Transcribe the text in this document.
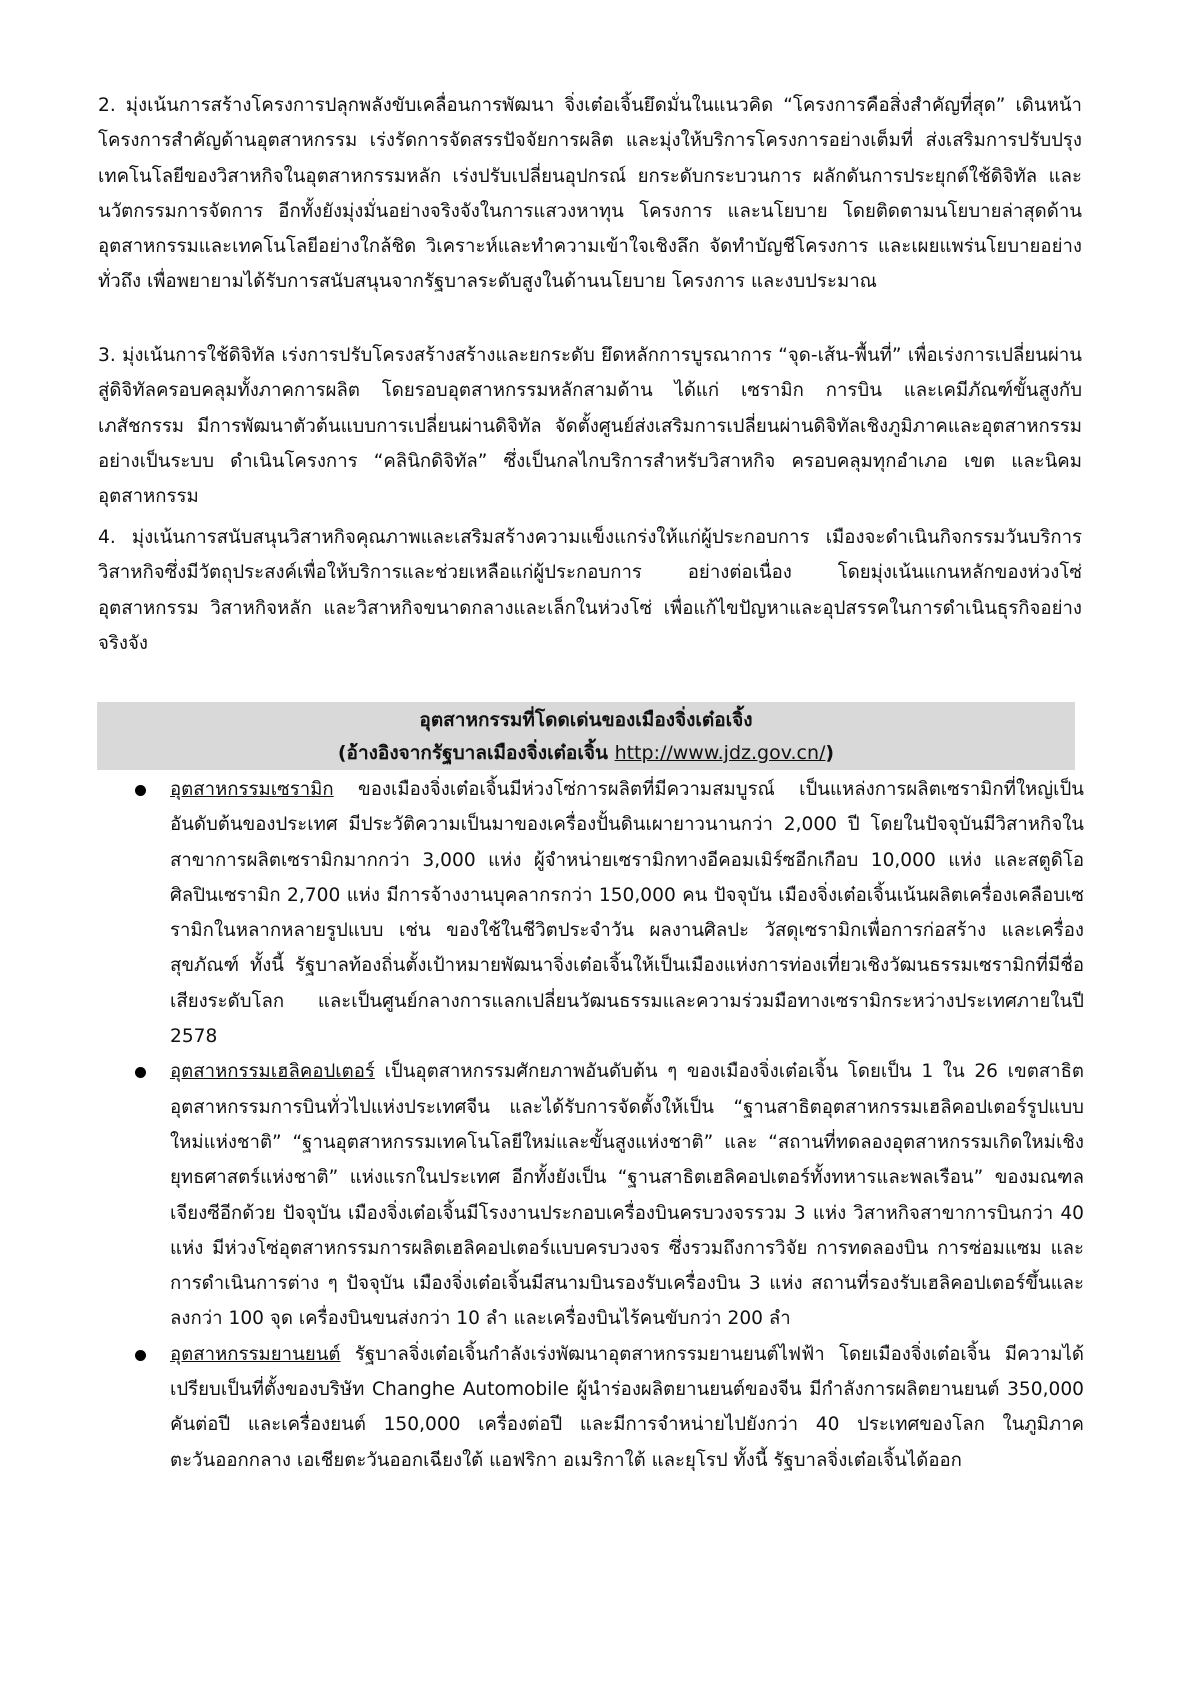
2. มุ่งเน้นการสร้างโครงการปลุกพลังขับเคลื่อนการพัฒนา จิ่งเต๋อเจิ้นยึดมั่นในแนวคิด “โครงการคือสิ่งสำคัญที่สุด” เดินหน้าโครงการสำคัญด้านอุตสาหกรรม เร่งรัดการจัดสรรปัจจัยการผลิต และมุ่งให้บริการโครงการอย่างเต็มที่ ส่งเสริมการปรับปรุงเทคโนโลยีของวิสาหกิจในอุตสาหกรรมหลัก เร่งปรับเปลี่ยนอุปกรณ์ ยกระดับกระบวนการ ผลักดันการประยุกต์ใช้ดิจิทัล และนวัตกรรมการจัดการ อีกทั้งยังมุ่งมั่นอย่างจริงจังในการแสวงหาทุน โครงการ และนโยบาย โดยติดตามนโยบายล่าสุดด้านอุตสาหกรรมและเทคโนโลยีอย่างใกล้ชิด วิเคราะห์และทำความเข้าใจเชิงลึก จัดทำบัญชีโครงการ และเผยแพร่นโยบายอย่างทั่วถึง เพื่อพยายามได้รับการสนับสนุนจากรัฐบาลระดับสูงในด้านนโยบาย โครงการ และงบประมาณ

3. มุ่งเน้นการใช้ดิจิทัล เร่งการปรับโครงสร้างสร้างและยกระดับ ยึดหลักการบูรณาการ “จุด-เส้น-พื้นที่” เพื่อเร่งการเปลี่ยนผ่านสู่ดิจิทัลครอบคลุมทั้งภาคการผลิต โดยรอบอุตสาหกรรมหลักสามด้าน ได้แก่ เซรามิก การบิน และเคมีภัณฑ์ขั้นสูงกับเภสัชกรรม มีการพัฒนาตัวต้นแบบการเปลี่ยนผ่านดิจิทัล จัดตั้งศูนย์ส่งเสริมการเปลี่ยนผ่านดิจิทัลเชิงภูมิภาคและอุตสาหกรรมอย่างเป็นระบบ ดำเนินโครงการ “คลินิกดิจิทัล” ซึ่งเป็นกลไกบริการสำหรับวิสาหกิจ ครอบคลุมทุกอำเภอ เขต และนิคมอุตสาหกรรม

4. มุ่งเน้นการสนับสนุนวิสาหกิจคุณภาพและเสริมสร้างความแข็งแกร่งให้แก่ผู้ประกอบการ เมืองจะดำเนินกิจกรรมวันบริการวิสาหกิจซึ่งมีวัตถุประสงค์เพื่อให้บริการและช่วยเหลือแก่ผู้ประกอบการ อย่างต่อเนื่อง โดยมุ่งเน้นแกนหลักของห่วงโซ่อุตสาหกรรม วิสาหกิจหลัก และวิสาหกิจขนาดกลางและเล็กในห่วงโซ่ เพื่อแก้ไขปัญหาและอุปสรรคในการดำเนินธุรกิจอย่างจริงจัง

อุตสาหกรรมที่โดดเด่นของเมืองจิ่งเต๋อเจิ้ง
(อ้างอิงจากรัฐบาลเมืองจิ่งเต๋อเจิ้น http://www.jdz.gov.cn/)
อุตสาหกรรมเซรามิก ของเมืองจิ่งเต๋อเจิ้นมีห่วงโซ่การผลิตที่มีความสมบูรณ์ เป็นแหล่งการผลิตเซรามิกที่ใหญ่เป็นอันดับต้นของประเทศ มีประวัติความเป็นมาของเครื่องปั้นดินเผายาวนานกว่า 2,000 ปี โดยในปัจจุบันมีวิสาหกิจในสาขาการผลิตเซรามิกมากกว่า 3,000 แห่ง ผู้จำหน่ายเซรามิกทางอีคอมเมิร์ซอีกเกือบ 10,000 แห่ง และสตูดิโอศิลปินเซรามิก 2,700 แห่ง มีการจ้างงานบุคลากรกว่า 150,000 คน ปัจจุบัน เมืองจิ่งเต๋อเจิ้นเน้นผลิตเครื่องเคลือบเซรามิกในหลากหลายรูปแบบ เช่น ของใช้ในชีวิตประจำวัน ผลงานศิลปะ วัสดุเซรามิกเพื่อการก่อสร้าง และเครื่องสุขภัณฑ์ ทั้งนี้ รัฐบาลท้องถิ่นตั้งเป้าหมายพัฒนาจิ่งเต๋อเจิ้นให้เป็นเมืองแห่งการท่องเที่ยวเชิงวัฒนธรรมเซรามิกที่มีชื่อเสียงระดับโลก และเป็นศูนย์กลางการแลกเปลี่ยนวัฒนธรรมและความร่วมมือทางเซรามิกระหว่างประเทศภายในปี 2578
อุตสาหกรรมเฮลิคอปเตอร์ เป็นอุตสาหกรรมศักยภาพอันดับต้น ๆ ของเมืองจิ่งเต๋อเจิ้น โดยเป็น 1 ใน 26 เขตสาธิตอุตสาหกรรมการบินทั่วไปแห่งประเทศจีน และได้รับการจัดตั้งให้เป็น “ฐานสาธิตอุตสาหกรรมเฮลิคอปเตอร์รูปแบบใหม่แห่งชาติ” “ฐานอุตสาหกรรมเทคโนโลยีใหม่และขั้นสูงแห่งชาติ” และ “สถานที่ทดลองอุตสาหกรรมเกิดใหม่เชิงยุทธศาสตร์แห่งชาติ” แห่งแรกในประเทศ อีกทั้งยังเป็น “ฐานสาธิตเฮลิคอปเตอร์ทั้งทหารและพลเรือน” ของมณฑลเจียงซีอีกด้วย ปัจจุบัน เมืองจิ่งเต๋อเจิ้นมีโรงงานประกอบเครื่องบินครบวงจรรวม 3 แห่ง วิสาหกิจสาขาการบินกว่า 40 แห่ง มีห่วงโซ่อุตสาหกรรมการผลิตเฮลิคอปเตอร์แบบครบวงจร ซึ่งรวมถึงการวิจัย การทดลองบิน การซ่อมแซม และการดำเนินการต่าง ๆ ปัจจุบัน เมืองจิ่งเต๋อเจิ้นมีสนามบินรองรับเครื่องบิน 3 แห่ง สถานที่รองรับเฮลิคอปเตอร์ขึ้นและลงกว่า 100 จุด เครื่องบินขนส่งกว่า 10 ลำ และเครื่องบินไร้คนขับกว่า 200 ลำ
อุตสาหกรรมยานยนต์ รัฐบาลจิ่งเต๋อเจิ้นกำลังเร่งพัฒนาอุตสาหกรรมยานยนต์ไฟฟ้า โดยเมืองจิ่งเต๋อเจิ้น มีความได้เปรียบเป็นที่ตั้งของบริษัท Changhe Automobile ผู้นำร่องผลิตยานยนต์ของจีน มีกำลังการผลิตยานยนต์ 350,000 คันต่อปี และเครื่องยนต์ 150,000 เครื่องต่อปี และมีการจำหน่ายไปยังกว่า 40 ประเทศของโลก ในภูมิภาคตะวันออกกลาง เอเชียตะวันออกเฉียงใต้ แอฟริกา อเมริกาใต้ และยุโรป ทั้งนี้ รัฐบาลจิ่งเต๋อเจิ้นได้ออก
